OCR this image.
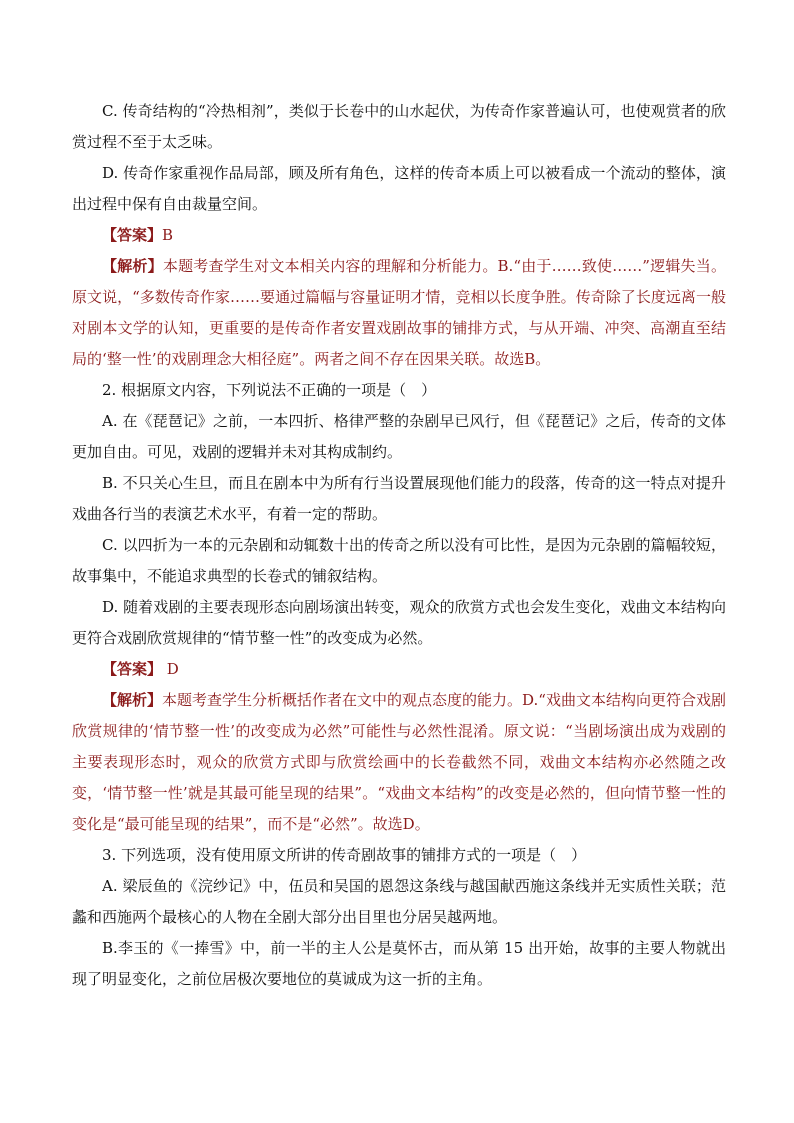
C. 传奇结构的“冷热相剂”，类似于长卷中的山水起伏，为传奇作家普遍认可，也使观赏者的欣赏过程不至于太乏味。

D. 传奇作家重视作品局部，顾及所有角色，这样的传奇本质上可以被看成一个流动的整体，演出过程中保有自由裁量空间。

【答案】B

【解析】本题考查学生对文本相关内容的理解和分析能力。B.“由于……致使……”逻辑失当。原文说，“多数传奇作家……要通过篇幅与容量证明才情，竞相以长度争胜。传奇除了长度远离一般对剧本文学的认知，更重要的是传奇作者安置戏剧故事的铺排方式，与从开端、冲突、高潮直至结局的‘整一性’的戏剧理念大相径庭”。两者之间不存在因果关联。故选B。

2. 根据原文内容，下列说法不正确的一项是（　）

A. 在《琵琶记》之前，一本四折、格律严整的杂剧早已风行，但《琵琶记》之后，传奇的文体更加自由。可见，戏剧的逻辑并未对其构成制约。

B. 不只关心生旦，而且在剧本中为所有行当设置展现他们能力的段落，传奇的这一特点对提升戏曲各行当的表演艺术水平，有着一定的帮助。

C. 以四折为一本的元杂剧和动辄数十出的传奇之所以没有可比性，是因为元杂剧的篇幅较短，故事集中，不能追求典型的长卷式的铺叙结构。

D. 随着戏剧的主要表现形态向剧场演出转变，观众的欣赏方式也会发生变化，戏曲文本结构向更符合戏剧欣赏规律的“情节整一性”的改变成为必然。

【答案】 D

【解析】本题考查学生分析概括作者在文中的观点态度的能力。D.“戏曲文本结构向更符合戏剧欣赏规律的‘情节整一性’的改变成为必然”可能性与必然性混淆。原文说：“当剧场演出成为戏剧的主要表现形态时，观众的欣赏方式即与欣赏绘画中的长卷截然不同，戏曲文本结构亦必然随之改变，‘情节整一性’就是其最可能呈现的结果”。“戏曲文本结构”的改变是必然的，但向情节整一性的变化是“最可能呈现的结果”，而不是“必然”。故选D。

3. 下列选项，没有使用原文所讲的传奇剧故事的铺排方式的一项是（　）

A. 梁辰鱼的《浣纱记》中，伍员和吴国的恩怨这条线与越国献西施这条线并无实质性关联；范蠡和西施两个最核心的人物在全剧大部分出目里也分居吴越两地。

B.李玉的《一捧雪》中，前一半的主人公是莫怀古，而从第 15 出开始，故事的主要人物就出现了明显变化，之前位居极次要地位的莫诚成为这一折的主角。
